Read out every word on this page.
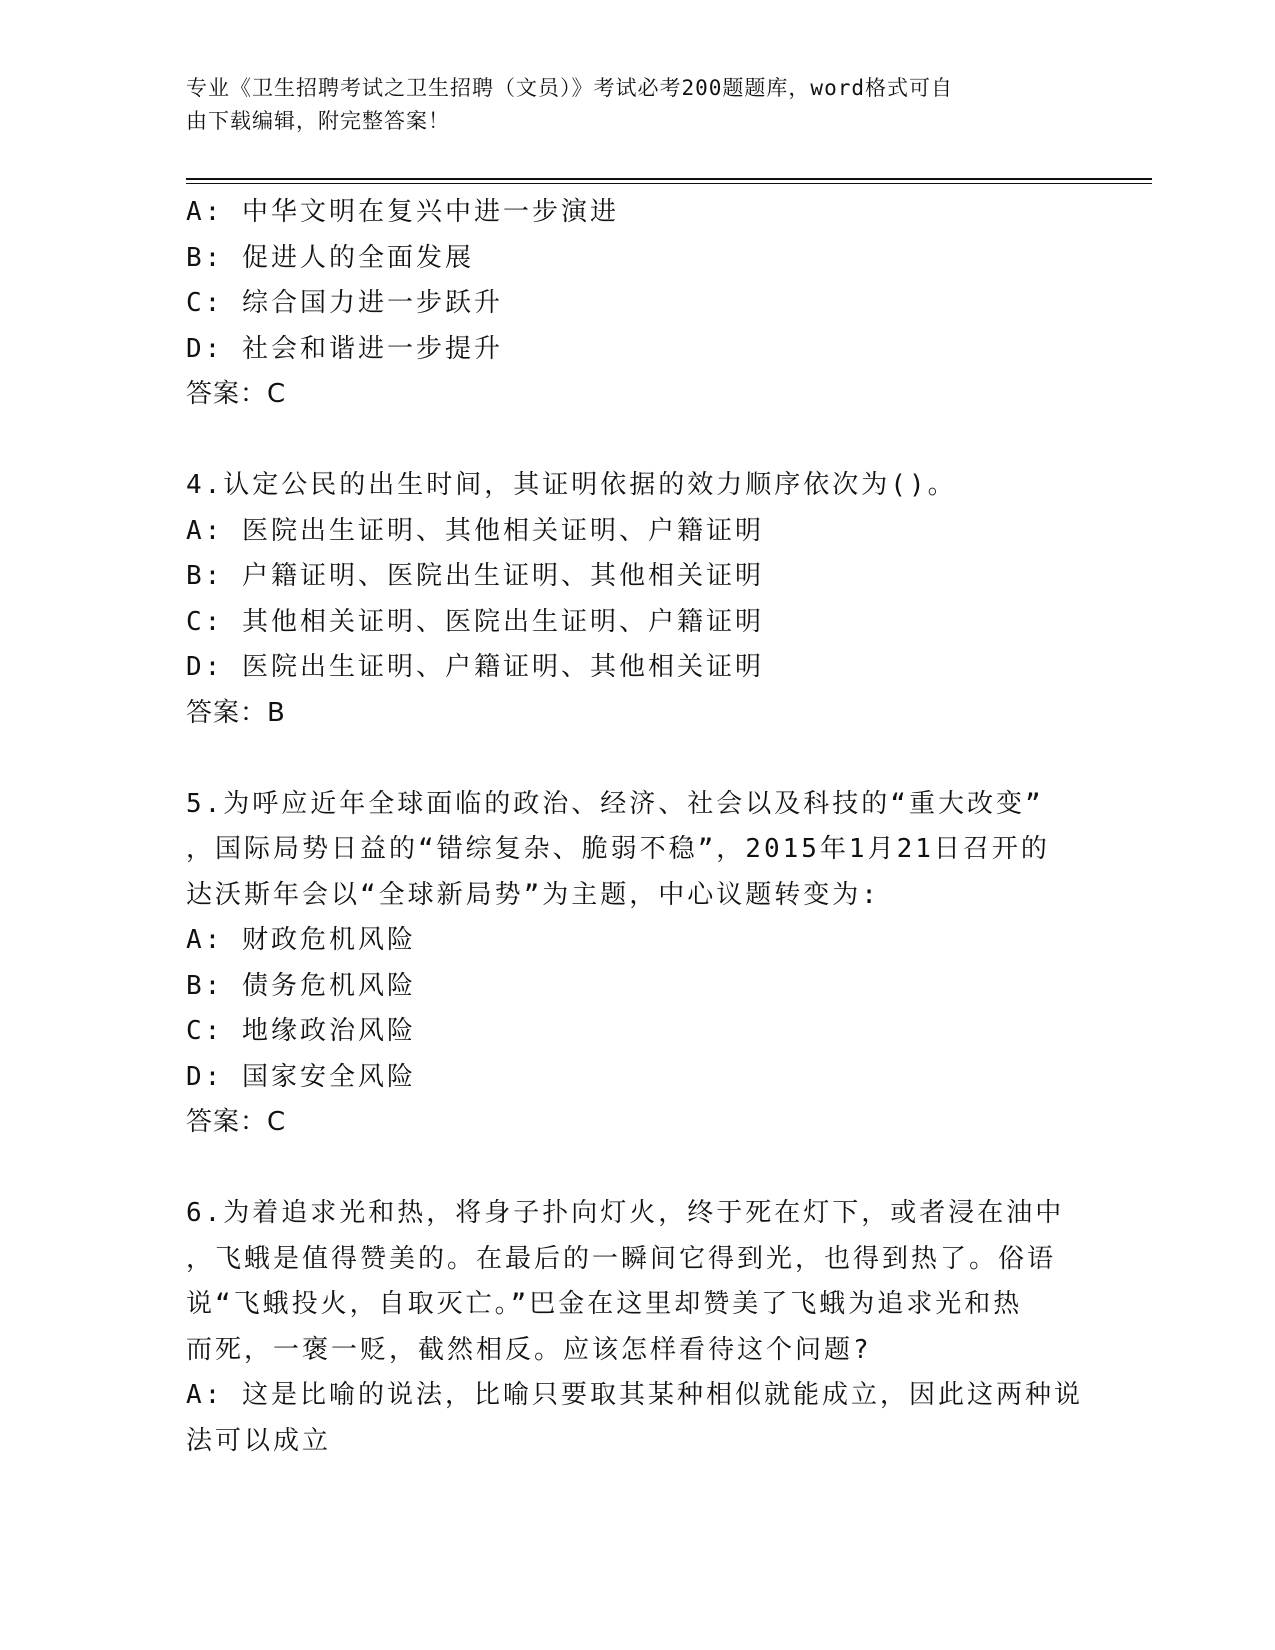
专业《卫生招聘考试之卫生招聘（文员）》考试必考200题题库，word格式可自
由下载编辑，附完整答案！
A: 中华文明在复兴中进一步演进
B: 促进人的全面发展
C: 综合国力进一步跃升
D: 社会和谐进一步提升
答案：C
4.认定公民的出生时间，其证明依据的效力顺序依次为()。
A: 医院出生证明、其他相关证明、户籍证明
B: 户籍证明、医院出生证明、其他相关证明
C: 其他相关证明、医院出生证明、户籍证明
D: 医院出生证明、户籍证明、其他相关证明
答案：B
5.为呼应近年全球面临的政治、经济、社会以及科技的“重大改变”
，国际局势日益的“错综复杂、脆弱不稳”，2015年1月21日召开的
达沃斯年会以“全球新局势”为主题，中心议题转变为:
A: 财政危机风险
B: 债务危机风险
C: 地缘政治风险
D: 国家安全风险
答案：C
6.为着追求光和热，将身子扑向灯火，终于死在灯下，或者浸在油中
，飞蛾是值得赞美的。在最后的一瞬间它得到光，也得到热了。俗语
说“飞蛾投火，自取灭亡。”巴金在这里却赞美了飞蛾为追求光和热
而死，一褒一贬，截然相反。应该怎样看待这个问题?
A: 这是比喻的说法，比喻只要取其某种相似就能成立，因此这两种说
法可以成立
